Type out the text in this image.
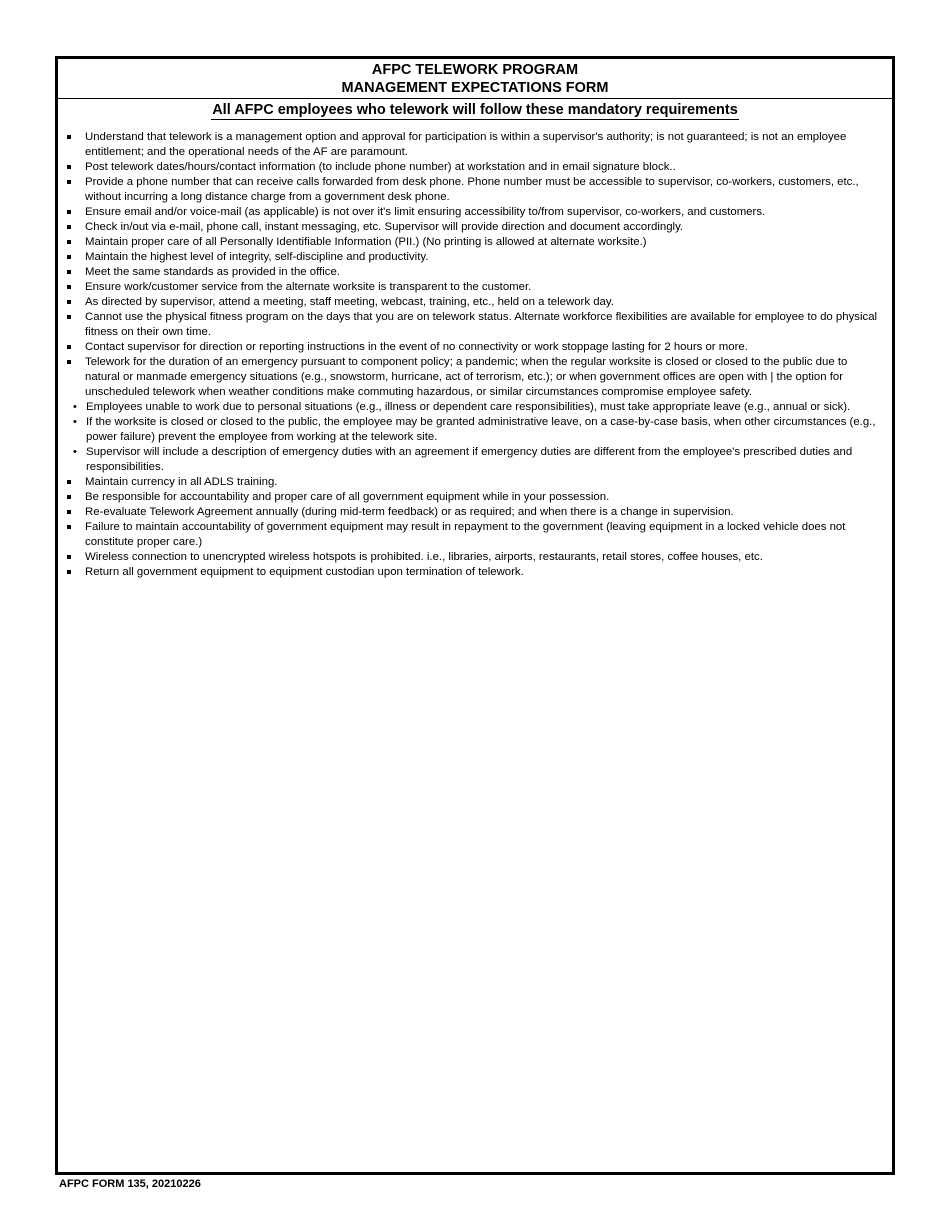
AFPC TELEWORK PROGRAM
MANAGEMENT EXPECTATIONS FORM
All AFPC employees who telework will follow these mandatory requirements
Understand that telework is a management option and approval for participation is within a supervisor's authority; is not guaranteed; is not an employee entitlement; and the operational needs of the AF are paramount.
Post telework dates/hours/contact information (to include phone number) at workstation and in email signature block..
Provide a phone number that can receive calls forwarded from desk phone. Phone number must be accessible to supervisor, co-workers, customers, etc., without incurring a long distance charge from a government desk phone.
Ensure email and/or voice-mail (as applicable) is not over it's limit ensuring accessibility to/from supervisor, co-workers, and customers.
Check in/out via e-mail, phone call, instant messaging, etc. Supervisor will provide direction and document accordingly.
Maintain proper care of all Personally Identifiable Information (PII.) (No printing is allowed at alternate worksite.)
Maintain the highest level of integrity, self-discipline and productivity.
Meet the same standards as provided in the office.
Ensure work/customer service from the alternate worksite is transparent to the customer.
As directed by supervisor, attend a meeting, staff meeting, webcast, training, etc., held on a telework day.
Cannot use the physical fitness program on the days that you are on telework status. Alternate workforce flexibilities are available for employee to do physical fitness on their own time.
Contact supervisor for direction or reporting instructions in the event of no connectivity or work stoppage lasting for 2 hours or more.
Telework for the duration of an emergency pursuant to component policy; a pandemic; when the regular worksite is closed or closed to the public due to natural or manmade emergency situations (e.g., snowstorm, hurricane, act of terrorism, etc.); or when government offices are open with | the option for unscheduled telework when weather conditions make commuting hazardous, or similar circumstances compromise employee safety.
• Employees unable to work due to personal situations (e.g., illness or dependent care responsibilities), must take appropriate leave (e.g., annual or sick).
• If the worksite is closed or closed to the public, the employee may be granted administrative leave, on a case-by-case basis, when other circumstances (e.g., power failure) prevent the employee from working at the telework site.
• Supervisor will include a description of emergency duties with an agreement if emergency duties are different from the employee's prescribed duties and responsibilities.
Maintain currency in all ADLS training.
Be responsible for accountability and proper care of all government equipment while in your possession.
Re-evaluate Telework Agreement annually (during mid-term feedback) or as required; and when there is a change in supervision.
Failure to maintain accountability of government equipment may result in repayment to the government (leaving equipment in a locked vehicle does not constitute proper care.)
Wireless connection to unencrypted wireless hotspots is prohibited. i.e., libraries, airports, restaurants, retail stores, coffee houses, etc.
Return all government equipment to equipment custodian upon termination of telework.
AFPC FORM 135, 20210226
